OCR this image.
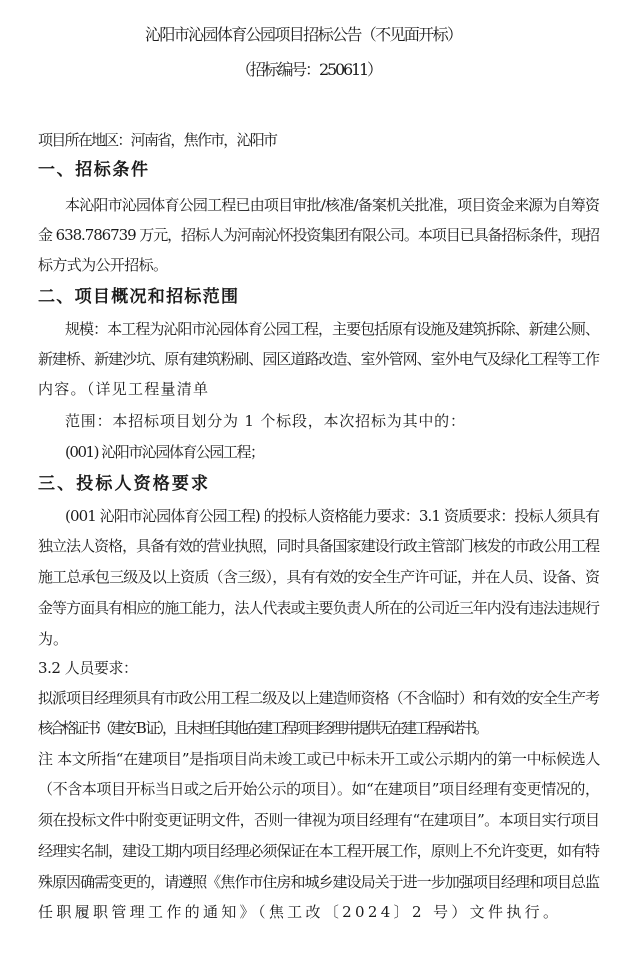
沁阳市沁园体育公园项目招标公告（不见面开标）
（招标编号：250611）
项目所在地区：河南省，焦作市，沁阳市
一、招标条件
本沁阳市沁园体育公园工程已由项目审批/核准/备案机关批准，项目资金来源为自筹资
金 638.786739 万元，招标人为河南沁怀投资集团有限公司。本项目已具备招标条件，现招
标方式为公开招标。
二、项目概况和招标范围
规模：本工程为沁阳市沁园体育公园工程，主要包括原有设施及建筑拆除、新建公厕、
新建桥、新建沙坑、原有建筑粉刷、园区道路改造、室外管网、室外电气及绿化工程等工作
内容。（详见工程量清单
范围：本招标项目划分为 1 个标段，本次招标为其中的：
(001) 沁阳市沁园体育公园工程；
三、投标人资格要求
(001 沁阳市沁园体育公园工程) 的投标人资格能力要求：3.1 资质要求：投标人须具有
独立法人资格，具备有效的营业执照，同时具备国家建设行政主管部门核发的市政公用工程
施工总承包三级及以上资质（含三级），具有有效的安全生产许可证，并在人员、设备、资
金等方面具有相应的施工能力，法人代表或主要负责人所在的公司近三年内没有违法违规行
为。
3.2 人员要求：
拟派项目经理须具有市政公用工程二级及以上建造师资格（不含临时）和有效的安全生产考
核合格证书（建安 B 证），且未担任其他在建工程项目经理并提供无在建工程承诺书。
注 本文所指“在建项目”是指项目尚未竣工或已中标未开工或公示期内的第一中标候选人
（不含本项目开标当日或之后开始公示的项目）。如“在建项目”项目经理有变更情况的，
须在投标文件中附变更证明文件，否则一律视为项目经理有“在建项目”。本项目实行项目
经理实名制，建设工期内项目经理必须保证在本工程开展工作，原则上不允许变更，如有特
殊原因确需变更的，请遵照《焦作市住房和城乡建设局关于进一步加强项目经理和项目总监
任职履职管理工作的通知》（焦工改〔2024〕2 号）文件执行。
